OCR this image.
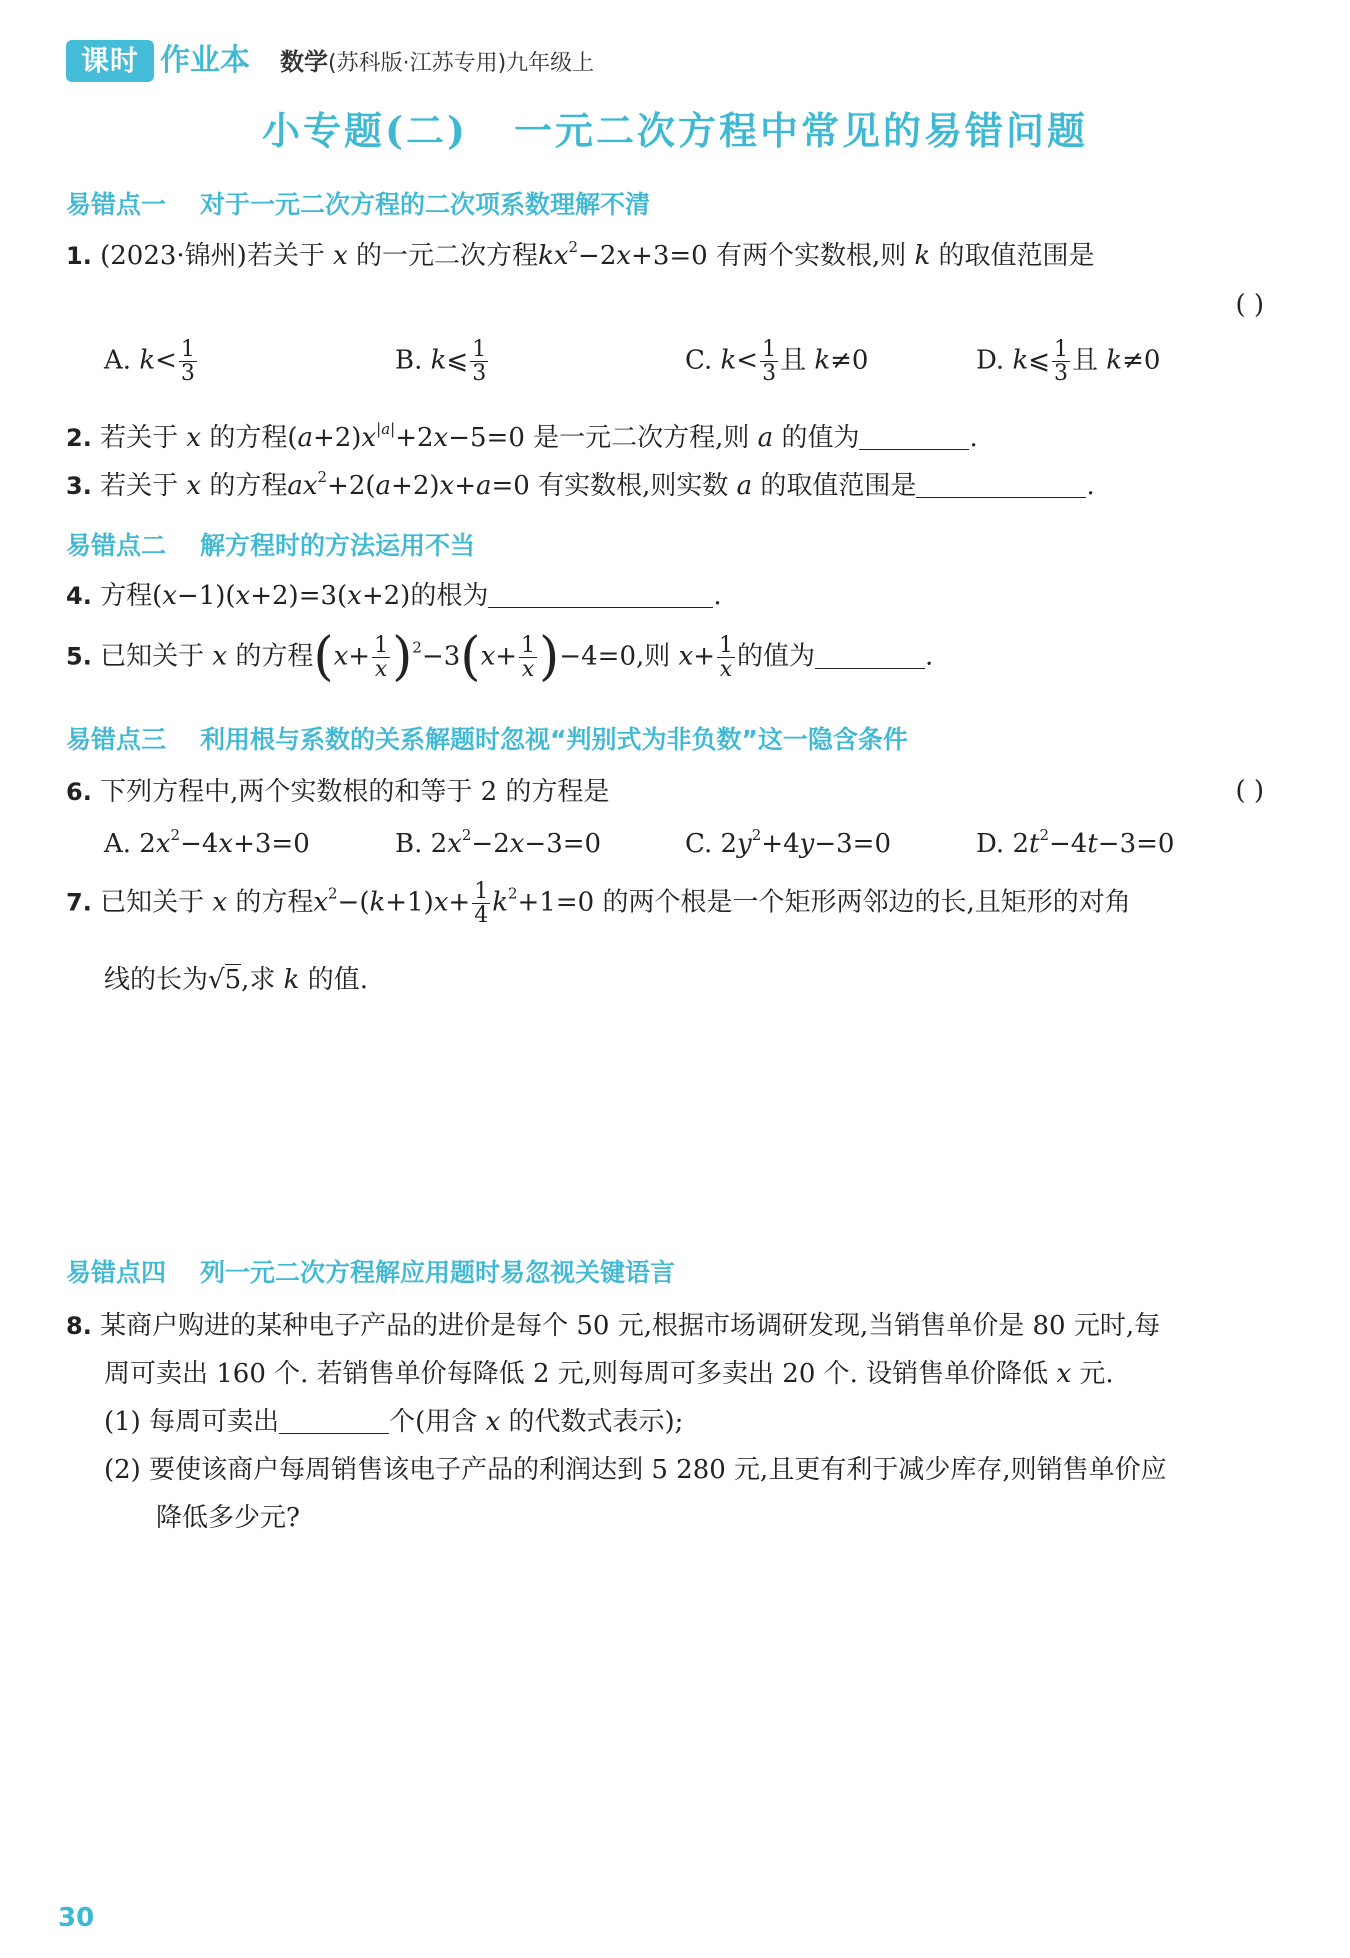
课时 作业本 数学(苏科版·江苏专用)九年级上
小专题(二) 一元二次方程中常见的易错问题
易错点一 对于一元二次方程的二次项系数理解不清
1. (2023·锦州)若关于 x 的一元二次方程$kx^2-2x+3=0$ 有两个实数根,则 k 的取值范围是
( )
A. $k< \frac{1}{3}$	B. k⩽ $\frac{1}{3}$	C. $k< \frac{1}{3}$ 且 k≠0	D. k⩽ $\frac{1}{3}$ 且 k≠0
2. 若关于 x 的方程$(a+2)x^{|a|}+2x-5=0$ 是一元二次方程,则 a 的值为	.
3. 若关于 x 的方程$ax^2+2(a+2)x+a=0$ 有实数根,则实数 a 的取值范围是	.
易错点二 解方程时的方法运用不当
4. 方程(x−1)(x+2)=3(x+2)的根为	.
5. 已知关于 x 的方程$(x+ \frac{1}{x} )^2-3(x+ \frac{1}{x} )-4=0$,则 $x+ \frac{1}{x}$ 的值为	.
易错点三 利用根与系数的关系解题时忽视“判别式为非负数”这一隐含条件
6. 下列方程中,两个实数根的和等于 2 的方程是	( )
A. $2x^2-4x+3=0$	B. $2x^2-2x-3=0$	C. $2y^2+4y-3=0$	D. $2t^2-4t-3=0$
7. 已知关于 x 的方程$x^2-(k+1)x+ \frac{1}{4} k^2+1=0$ 的两个根是一个矩形两邻边的长,且矩形的对角
线的长为√5,求 k 的值.
易错点四 列一元二次方程解应用题时易忽视关键语言
8. 某商户购进的某种电子产品的进价是每个 50 元,根据市场调研发现,当销售单价是 80 元时,每
周可卖出 160 个. 若销售单价每降低 2 元,则每周可多卖出 20 个. 设销售单价降低 x 元.
(1) 每周可卖出	个(用含 x 的代数式表示);
(2) 要使该商户每周销售该电子产品的利润达到 5 280 元,且更有利于减少库存,则销售单价应
降低多少元?
30
